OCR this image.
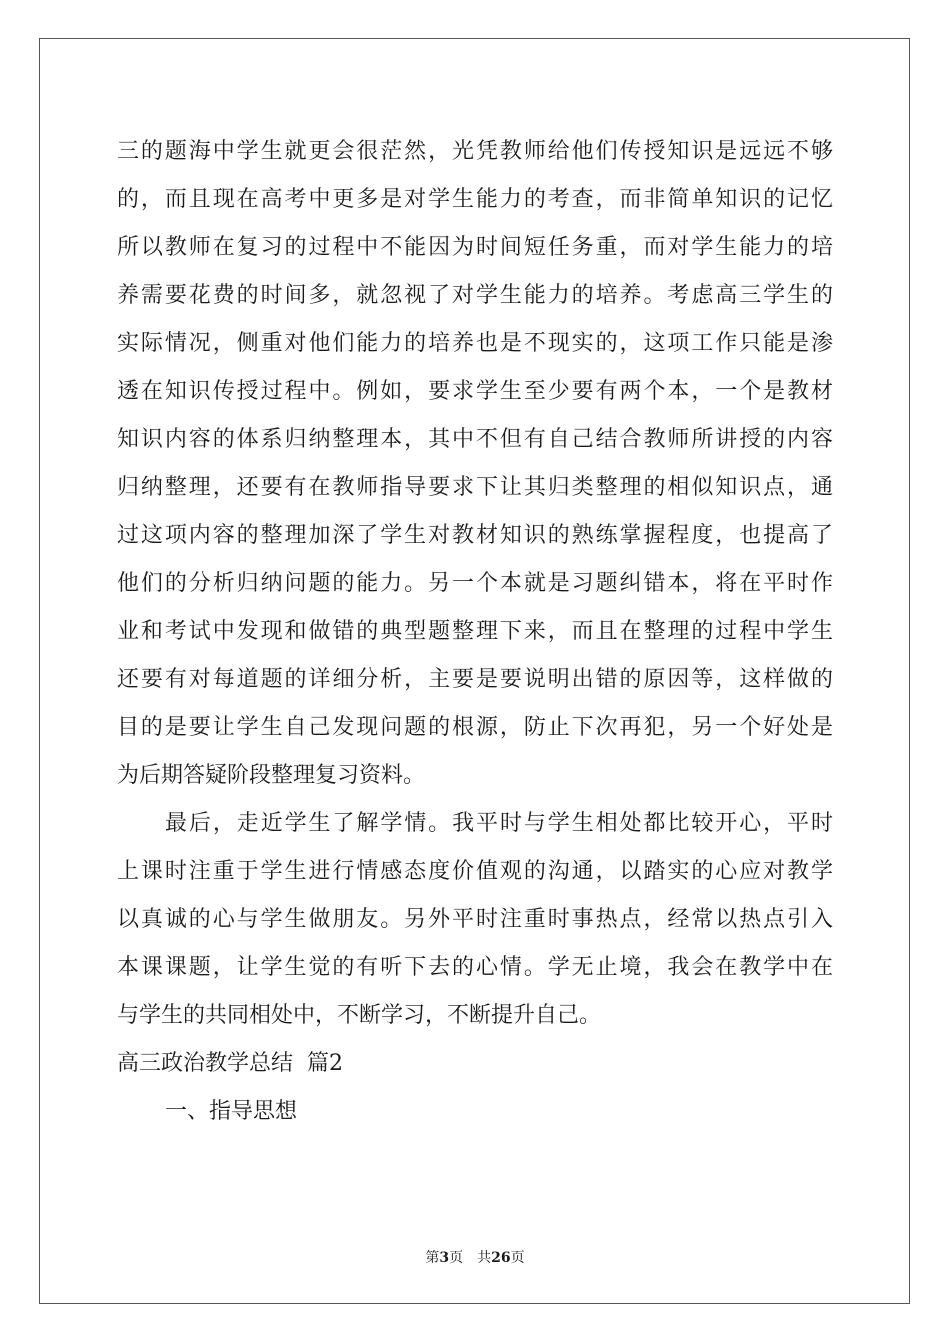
三的题海中学生就更会很茫然，光凭教师给他们传授知识是远远不够
的，而且现在高考中更多是对学生能力的考查，而非简单知识的记忆
所以教师在复习的过程中不能因为时间短任务重，而对学生能力的培
养需要花费的时间多，就忽视了对学生能力的培养。考虑高三学生的
实际情况，侧重对他们能力的培养也是不现实的，这项工作只能是渗
透在知识传授过程中。例如，要求学生至少要有两个本，一个是教材
知识内容的体系归纳整理本，其中不但有自己结合教师所讲授的内容
归纳整理，还要有在教师指导要求下让其归类整理的相似知识点，通
过这项内容的整理加深了学生对教材知识的熟练掌握程度，也提高了
他们的分析归纳问题的能力。另一个本就是习题纠错本，将在平时作
业和考试中发现和做错的典型题整理下来，而且在整理的过程中学生
还要有对每道题的详细分析，主要是要说明出错的原因等，这样做的
目的是要让学生自己发现问题的根源，防止下次再犯，另一个好处是
为后期答疑阶段整理复习资料。
最后，走近学生了解学情。我平时与学生相处都比较开心，平时
上课时注重于学生进行情感态度价值观的沟通，以踏实的心应对教学
以真诚的心与学生做朋友。另外平时注重时事热点，经常以热点引入
本课课题，让学生觉的有听下去的心情。学无止境，我会在教学中在
与学生的共同相处中，不断学习，不断提升自己。
高三政治教学总结  篇2
一、指导思想
第3页 共26页
